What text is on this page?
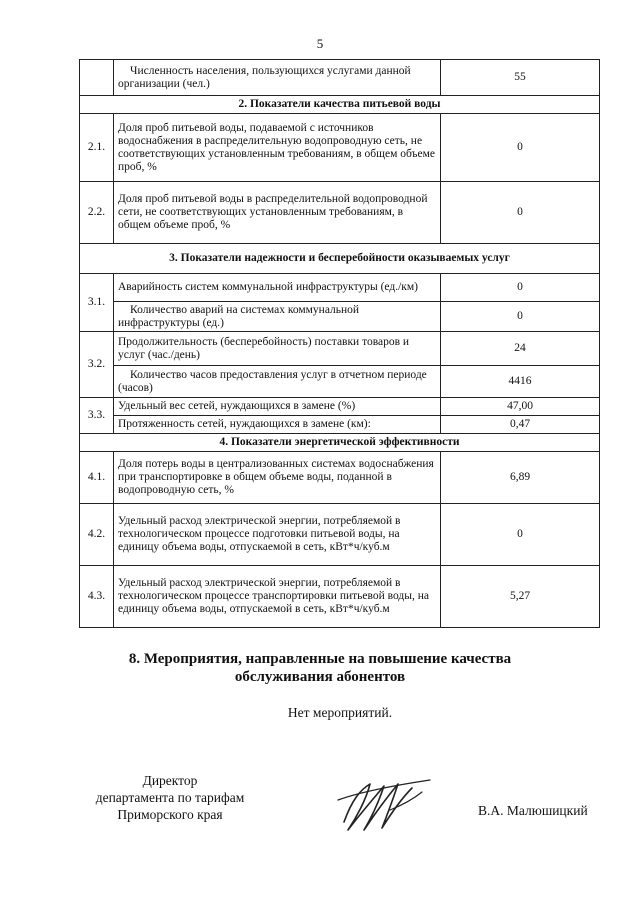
5

	Численность населения, пользующихся услугами данной организации (чел.)	55
2. Показатели качества питьевой воды		
2.1.	Доля проб питьевой воды, подаваемой с источников водоснабжения в распределительную водопроводную сеть, не соответствующих установленным требованиям, в общем объеме проб, %	0
2.2.	Доля проб питьевой воды в распределительной водопроводной сети, не соответствующих установленным требованиям, в общем объеме проб, %	0
3. Показатели надежности и бесперебойности оказываемых услуг		
3.1.	Аварийность систем коммунальной инфраструктуры (ед./км)	0

	Количество аварий на системах коммунальной инфраструктуры (ед.)	0
3.2.	Продолжительность (бесперебойность) поставки товаров и услуг (час./день)	24

	Количество часов предоставления услуг в отчетном периоде (часов)	4416
3.3.	Удельный вес сетей, нуждающихся в замене (%)	47,00
	Протяженность сетей, нуждающихся в замене (км):	0,47
4. Показатели энергетической эффективности		
4.1.	Доля потерь воды в централизованных системах водоснабжения при транспортировке в общем объеме воды, поданной в водопроводную сеть, %	6,89
4.2.	Удельный расход электрической энергии, потребляемой в технологическом процессе подготовки питьевой воды, на единицу объема воды, отпускаемой в сеть, кВт*ч/куб.м	0
4.3.	Удельный расход электрической энергии, потребляемой в технологическом процессе транспортировки питьевой воды, на единицу объема воды, отпускаемой в сеть, кВт*ч/куб.м	5,27
8. Мероприятия, направленные на повышение качества
обслуживания абонентов
Нет мероприятий.
Директор
департамента по тарифам
Приморского края	В.А. Малюшицкий
